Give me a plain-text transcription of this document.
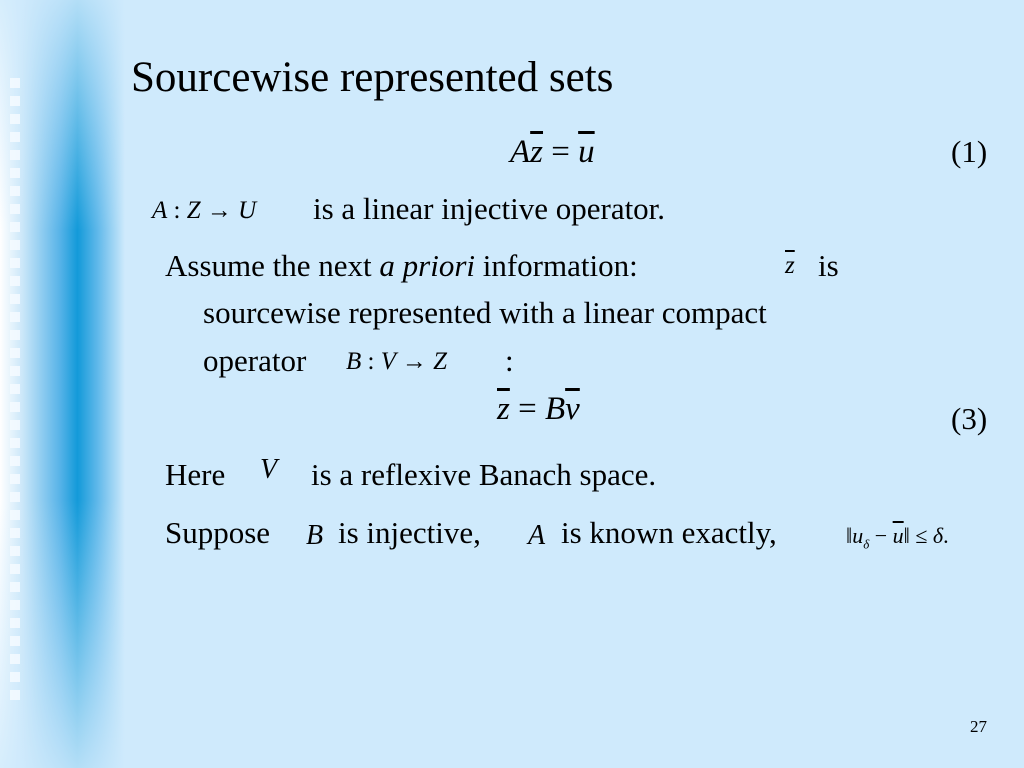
Sourcewise represented sets
$A\overline{z} = \overline{u}$	(1)
A : Z → U is a linear injective operator.
Assume the next a priori information:	$\overline{z}$ is
sourcewise represented with a linear compact
operator B : V → Z :
$\overline{z} = B\overline{v}$	(3)
Here V is a reflexive Banach space.
Suppose B is injective, A is known exactly,	$‖u_\delta$ − $\overline{u}‖ \le \delta$.
27
